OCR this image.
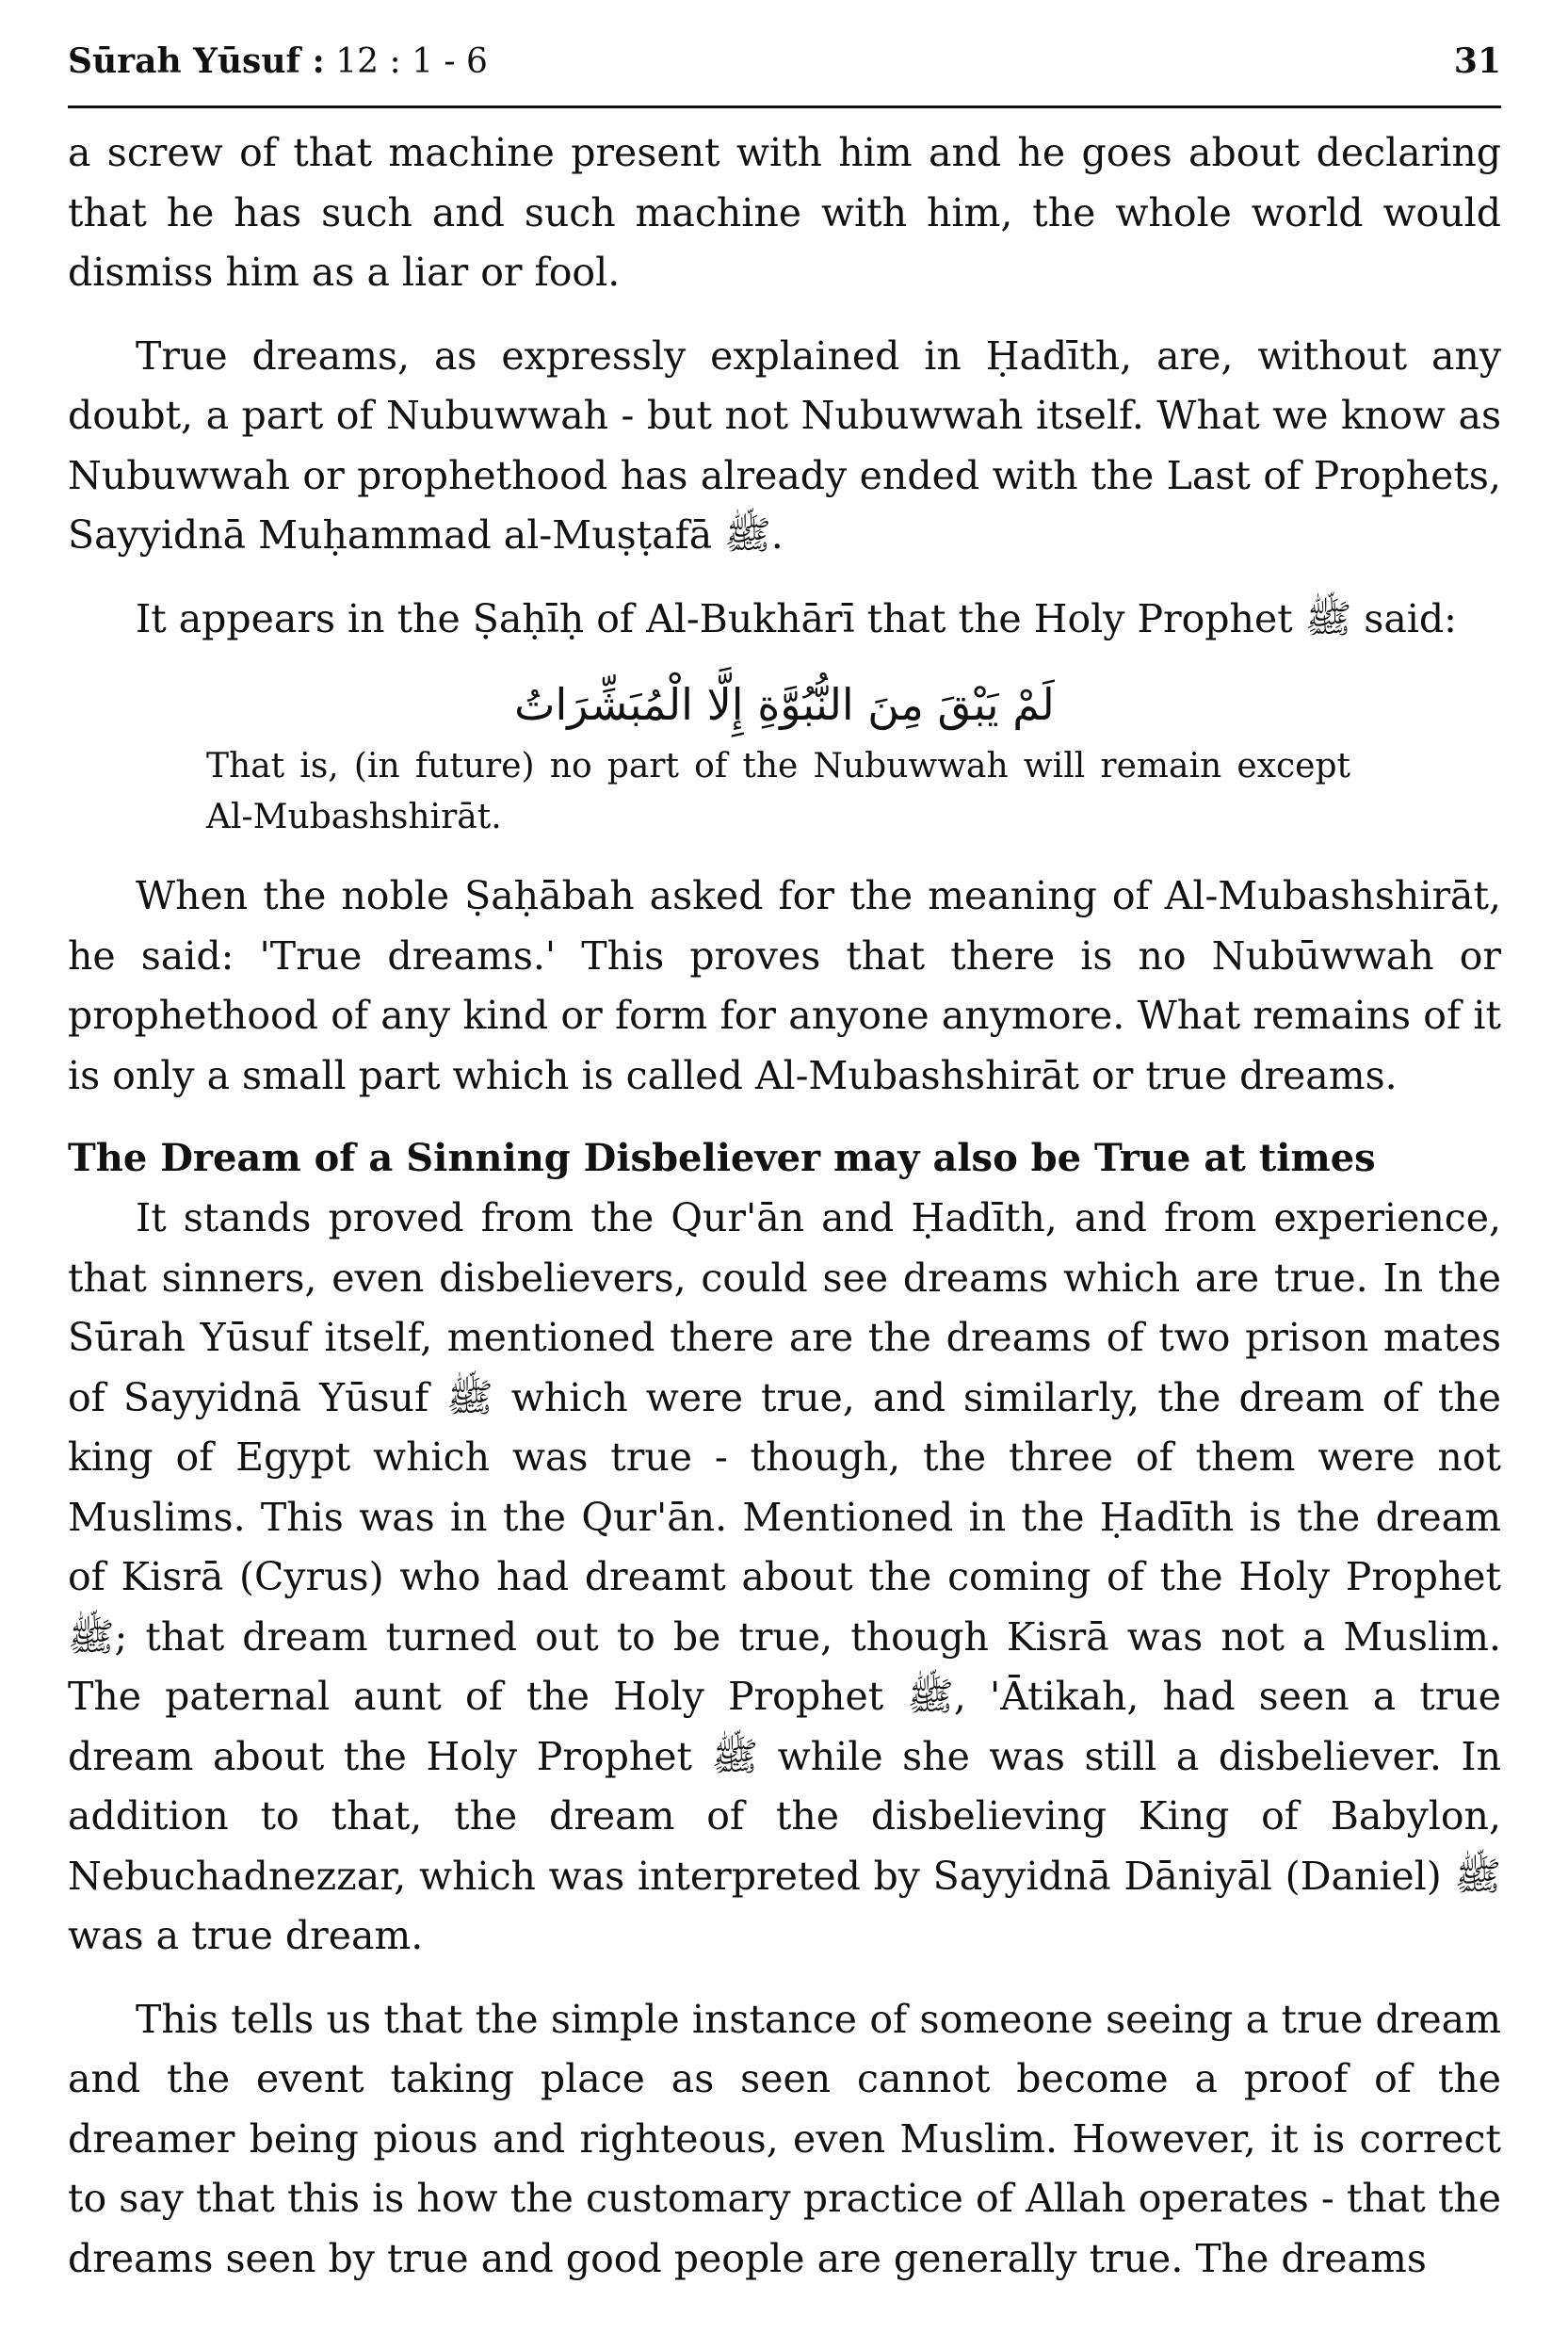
Sūrah Yūsuf : 12 : 1 - 6	31

a screw of that machine present with him and he goes about declaring that he has such and such machine with him, the whole world would dismiss him as a liar or fool.

True dreams, as expressly explained in Ḥadīth, are, without any doubt, a part of Nubuwwah - but not Nubuwwah itself. What we know as Nubuwwah or prophethood has already ended with the Last of Prophets, Sayyidnā Muḥammad al-Muṣṭafā ﷺ.

It appears in the Ṣaḥīḥ of Al-Bukhārī that the Holy Prophet ﷺ said:

لَمْ يَبْقَ مِنَ النُّبُوَّةِ إِلَّا الْمُبَشِّرَاتُ

That is, (in future) no part of the Nubuwwah will remain except Al-Mubashshirāt.

When the noble Ṣaḥābah asked for the meaning of Al-Mubashshirāt, he said: 'True dreams.' This proves that there is no Nubūwwah or prophethood of any kind or form for anyone anymore. What remains of it is only a small part which is called Al-Mubashshirāt or true dreams.

The Dream of a Sinning Disbeliever may also be True at times

It stands proved from the Qur'ān and Ḥadīth, and from experience, that sinners, even disbelievers, could see dreams which are true. In the Sūrah Yūsuf itself, mentioned there are the dreams of two prison mates of Sayyidnā Yūsuf ﷺ which were true, and similarly, the dream of the king of Egypt which was true - though, the three of them were not Muslims. This was in the Qur'ān. Mentioned in the Ḥadīth is the dream of Kisrā (Cyrus) who had dreamt about the coming of the Holy Prophet ﷺ; that dream turned out to be true, though Kisrā was not a Muslim. The paternal aunt of the Holy Prophet ﷺ, 'Ātikah, had seen a true dream about the Holy Prophet ﷺ while she was still a disbeliever. In addition to that, the dream of the disbelieving King of Babylon, Nebuchadnezzar, which was interpreted by Sayyidnā Dāniyāl (Daniel) ﷺ was a true dream.

This tells us that the simple instance of someone seeing a true dream and the event taking place as seen cannot become a proof of the dreamer being pious and righteous, even Muslim. However, it is correct to say that this is how the customary practice of Allah operates - that the dreams seen by true and good people are generally true. The dreams
